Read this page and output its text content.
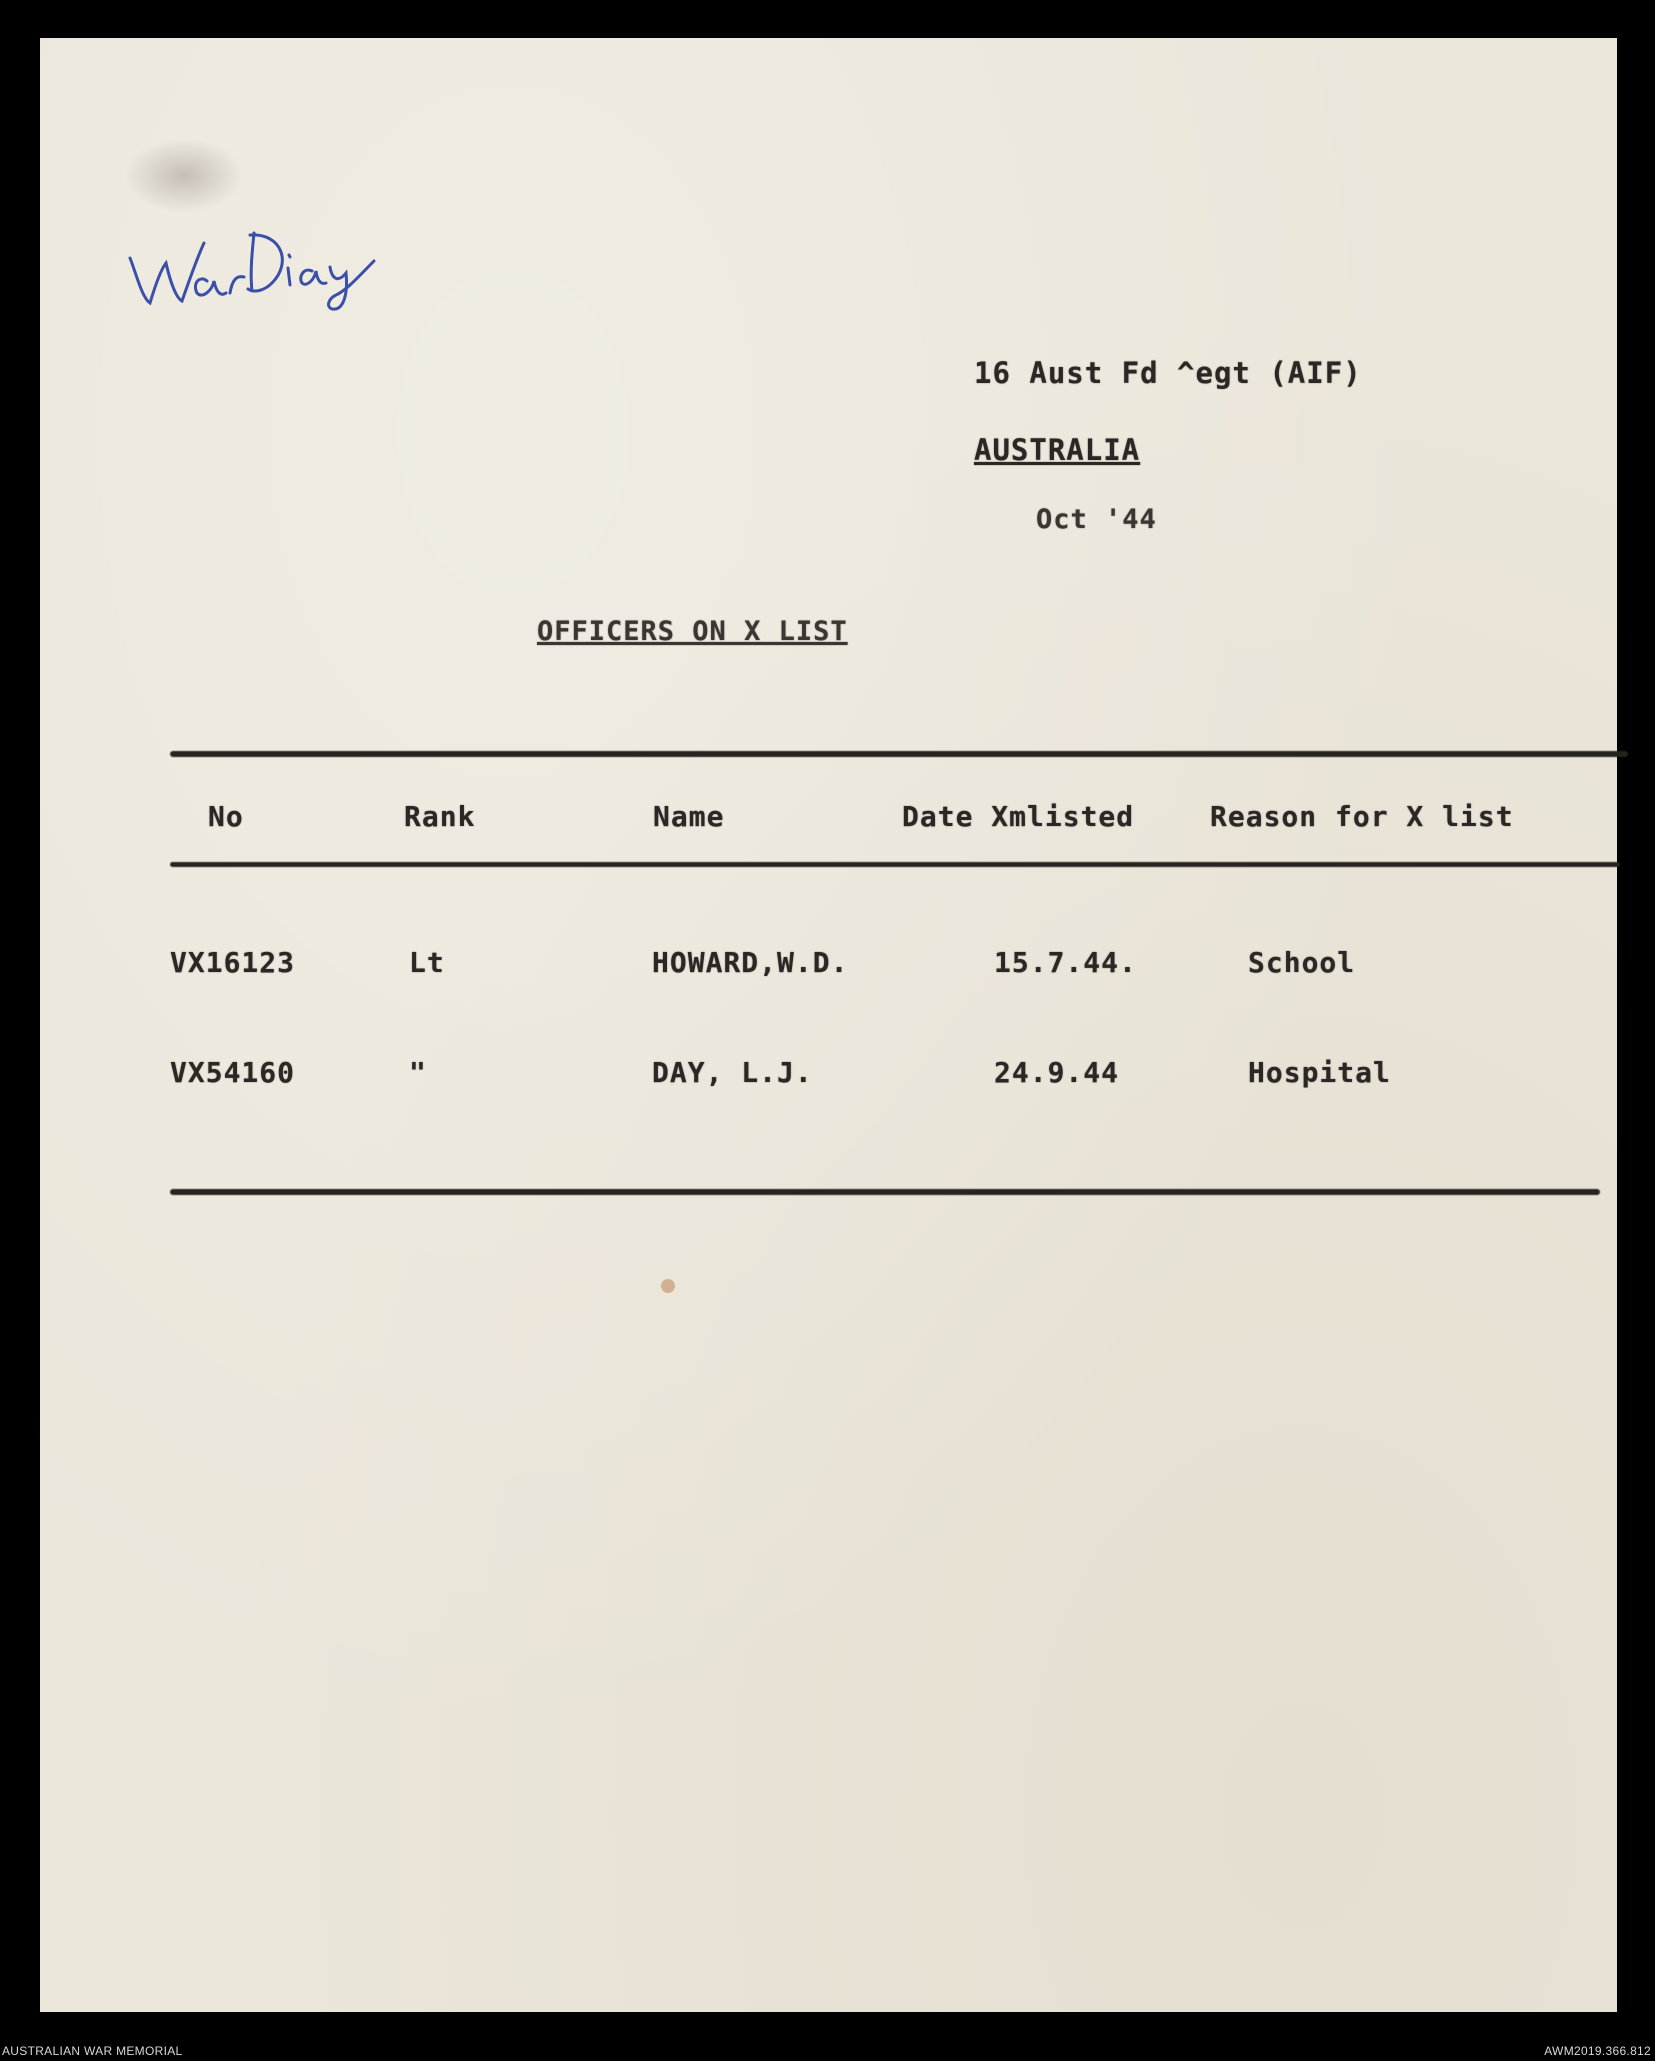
16 Aust Fd ^egt (AIF)
AUSTRALIA
Oct '44
OFFICERS ON X LIST
No	Rank	Name	Date Xmlisted	Reason for X list
VX16123	Lt	HOWARD,W.D.	15.7.44.	School
VX54160	"	DAY, L.J.	24.9.44	Hospital
AUSTRALIAN WAR MEMORIAL	AWM2019.366.812
